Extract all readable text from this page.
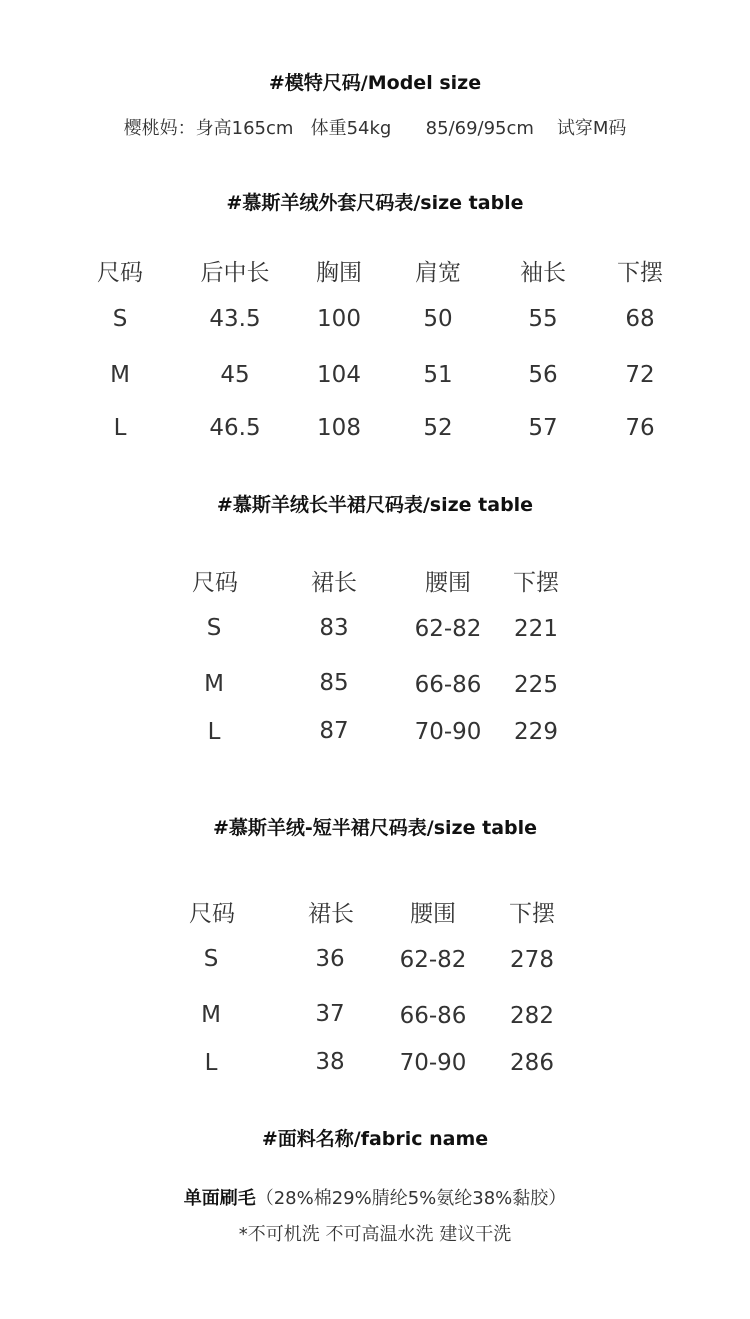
#模特尺码/Model size
樱桃妈：身高165cm   体重54kg      85/69/95cm    试穿M码
#慕斯羊绒外套尺码表/size table
尺码	后中长	胸围	肩宽	袖长	下摆
S	43.5	100	50	55	68
M	45	104	51	56	72
L	46.5	108	52	57	76
#慕斯羊绒长半裙尺码表/size table
尺码	裙长	腰围	下摆
S	83	62-82	221
M	85	66-86	225
L	87	70-90	229
#慕斯羊绒-短半裙尺码表/size table
尺码	裙长	腰围	下摆
S	36	62-82	278
M	37	66-86	282
L	38	70-90	286
#面料名称/fabric name
单面刷毛（28%棉29%腈纶5%氨纶38%黏胶）
*不可机洗 不可高温水洗 建议干洗
